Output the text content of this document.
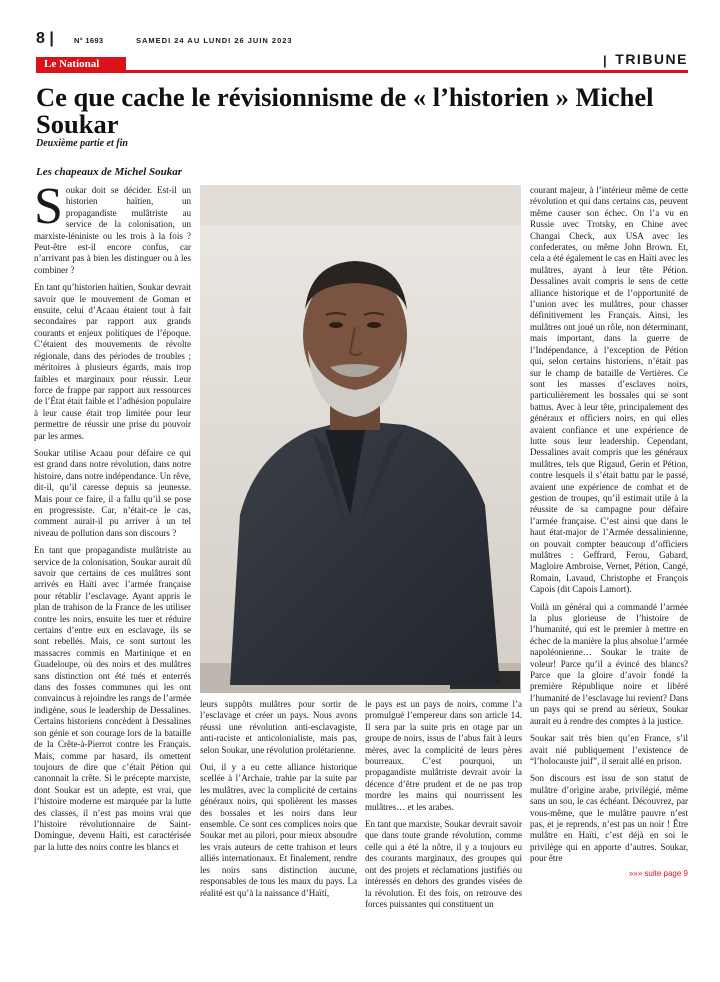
8 |	N° 1693	SAMEDI 24 AU LUNDI 26 JUIN 2023
Le National	| TRIBUNE
Ce que cache le révisionnisme de « l’historien » Michel Soukar
Deuxième partie et fin
Les chapeaux de Michel Soukar

Soukar doit se décider. Est-il un historien haïtien, un propagandiste mulâtriste au service de la colonisation, un marxiste-léniniste ou les trois à la fois ? Peut-être est-il encore confus, car n’arrivant pas à bien les distinguer ou à les combiner ?

En tant qu’historien haïtien, Soukar devrait savoir que le mouvement de Goman et ensuite, celui d’Acaau étaient tout à fait secondaires par rapport aux grands courants et enjeux politiques de l’époque. C’étaient des mouvements de révolte régionale, dans des périodes de troubles ; méritoires à plusieurs égards, mais trop faibles et marginaux pour réussir. Leur force de frappe par rapport aux ressources de l’État était faible et l’adhésion populaire à leur cause était trop limitée pour leur permettre de réussir une prise du pouvoir par les armes.

Soukar utilise Acaau pour défaire ce qui est grand dans notre révolution, dans notre histoire, dans notre indépendance. Un rêve, dit-il, qu’il caresse depuis sa jeunesse. Mais pour ce faire, il a fallu qu’il se pose en progressiste. Car, n’était-ce le cas, comment aurait-il pu arriver à un tel niveau de pollution dans son discours ?

En tant que propagandiste mulâtriste au service de la colonisation, Soukar aurait dû savoir que certains de ces mulâtres sont arrivés en Haïti avec l’armée française pour rétablir l’esclavage. Ayant appris le plan de trahison de la France de les utiliser contre les noirs, ensuite les tuer et réduire certains d’entre eux en esclavage, ils se sont rebellés. Mais, ce sont surtout les massacres commis en Martinique et en Guadeloupe, où des noirs et des mulâtres sans distinction ont été tués et enterrés dans des fosses communes qui les ont convaincus à rejoindre les rangs de l’armée indigène, sous le leadership de Dessalines. Certains historiens concèdent à Dessalines son génie et son courage lors de la bataille de la Crête-à-Pierrot contre les Français. Mais, comme par hasard, ils omettent toujours de dire que c’était Pétion qui canonnait la crête. Si le précepte marxiste, dont Soukar est un adepte, est vrai, que l’histoire moderne est marquée par la lutte des classes, il n’est pas moins vrai que l’histoire révolutionnaire de Saint-Domingue, devenu Haïti, est caractérisée par la lutte des noirs contre les blancs et

leurs suppôts mulâtres pour sortir de l’esclavage et créer un pays. Nous avons réussi une révolution anti-esclavagiste, anti-raciste et anticolonialiste, mais pas, selon Soukar, une révolution prolétarienne.

Oui, il y a eu cette alliance historique scellée à l’Archaie, trahie par la suite par les mulâtres, avec la complicité de certains généraux noirs, qui spolièrent les masses des bossales et les noirs dans leur ensemble. Ce sont ces complices noirs que Soukar met au pilori, pour mieux absoudre les vrais auteurs de cette trahison et leurs alliés internationaux. Et finalement, rendre les noirs sans distinction aucune, responsables de tous les maux du pays. La réalité est qu’à la naissance d’Haïti,

le pays est un pays de noirs, comme l’a promulgué l’empereur dans son article 14. Il sera par la suite pris en otage par un groupe de noirs, issus de l’abus fait à leurs mères, avec la complicité de leurs pères bourreaux. C’est pourquoi, un propagandiste mulâtriste devrait avoir la décence d’être prudent et de ne pas trop mordre les mains qui nourrissent les mulâtres… et les arabes.

En tant que marxiste, Soukar devrait savoir que dans toute grande révolution, comme celle qui a été la nôtre, il y a toujours eu des courants marginaux, des groupes qui ont des projets et réclamations justifiés ou intéressés en dehors des grandes visées de la révolution. Et des fois, on retrouve des forces puissantes qui constituent un

courant majeur, à l’intérieur même de cette révolution et qui dans certains cas, peuvent même causer son échec. On l’a vu en Russie avec Trotsky, en Chine avec Changai Check, aux USA avec les confederates, ou même John Brown. Et, cela a été également le cas en Haïti avec les mulâtres, ayant à leur tête Pétion. Dessalines avait compris le sens de cette alliance historique et de l’opportunité de l’union avec les mulâtres, pour chasser définitivement les Français. Ainsi, les mulâtres ont joué un rôle, non déterminant, mais important, dans la guerre de l’Indépendance, à l’exception de Pétion qui, selon certains historiens, n’était pas sur le champ de bataille de Vertières. Ce sont les masses d’esclaves noirs, particulièrement les bossales qui se sont battus. Avec à leur tête, principalement des généraux et officiers noirs, en qui elles avaient confiance et une expérience de lutte sous leur leadership. Cependant, Dessalines avait compris que les généraux mulâtres, tels que Rigaud, Gerin et Pétion, contre lesquels il s’était battu par le passé, avaient une expérience de combat et de gestion de troupes, qu’il estimait utile à la réussite de sa campagne pour défaire l’armée française. C’est ainsi que dans le haut état-major de l’Armée dessalinienne, on pouvait compter beaucoup d’officiers mulâtres : Geffrard, Ferou, Gabard, Magloire Ambroise, Vernet, Pétion, Cangé, Romain, Lavaud, Christophe et François Capois (dit Capois Lamort).

Voilà un général qui a commandé l’armée la plus glorieuse de l’histoire de l’humanité, qui est le premier à mettre en échec de la manière la plus absolue l’armée napoléonienne… Soukar le traite de voleur! Parce qu’il a évincé des blancs? Parce que la gloire d’avoir fondé la première République noire et libéré l’humanité de l’esclavage lui revient? Dans un pays qui se prend au sérieux, Soukar aurait eu à rendre des comptes à la justice.

Soukar sait très bien qu’en France, s’il avait nié publiquement l’existence de “l’holocauste juif”, il serait allé en prison.

Son discours est issu de son statut de mulâtre d’origine arabe, privilégié, même sans un sou, le cas échéant. Découvrez, par vous-même, que le mulâtre pauvre n’est pas, et je reprends, n’est pas un noir ! Être mulâtre en Haïti, c’est déjà en soi le privilège qui en apporte d’autres. Soukar, pour être

»»» suite page 9
